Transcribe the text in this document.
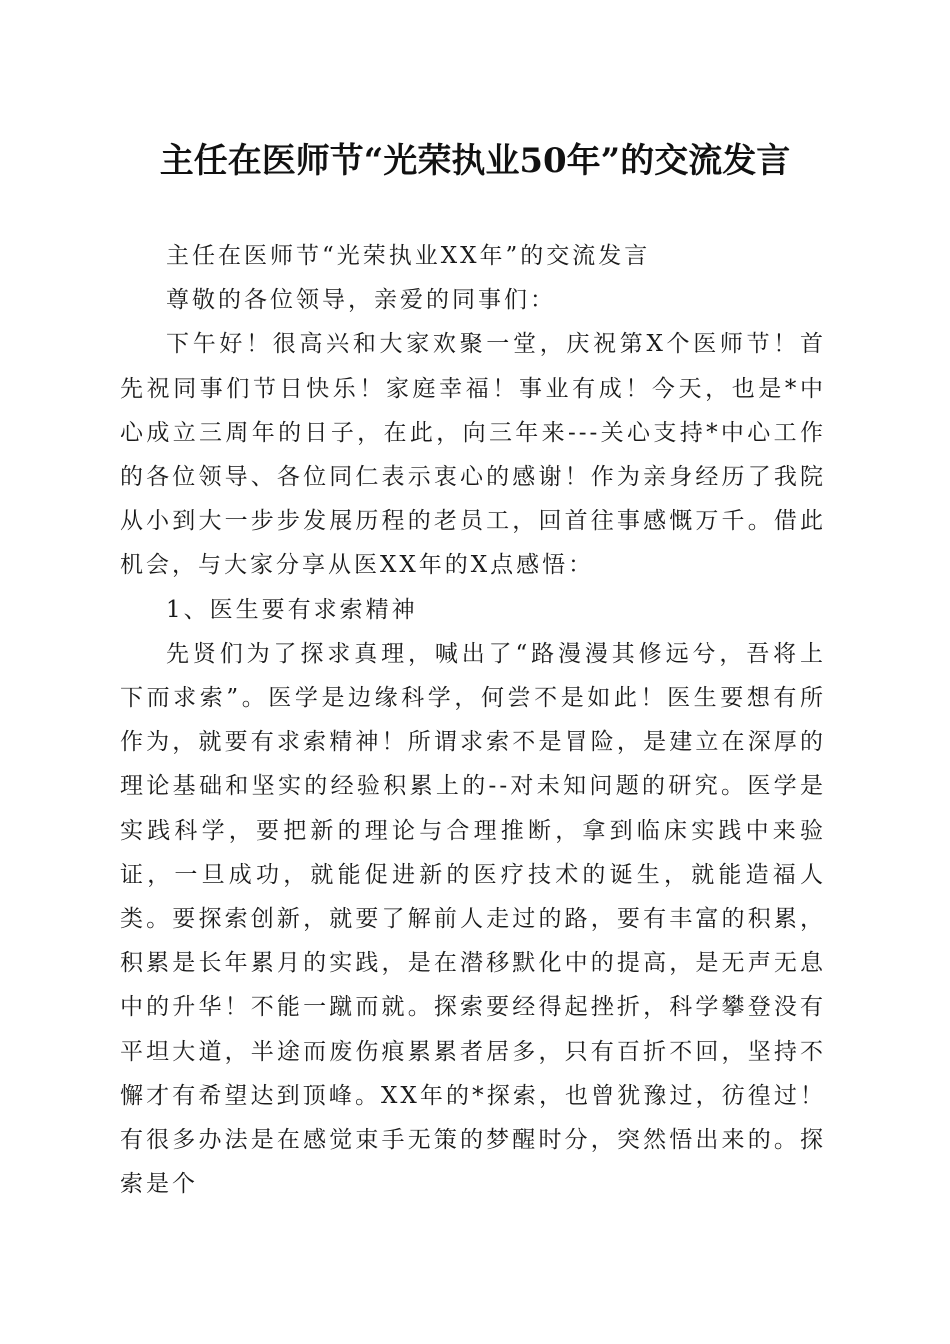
主任在医师节“光荣执业50年”的交流发言

主任在医师节“光荣执业XX年”的交流发言

尊敬的各位领导，亲爱的同事们：

下午好！很高兴和大家欢聚一堂，庆祝第X个医师节！首先祝同事们节日快乐！家庭幸福！事业有成！今天，也是*中心成立三周年的日子，在此，向三年来---关心支持*中心工作的各位领导、各位同仁表示衷心的感谢！作为亲身经历了我院从小到大一步步发展历程的老员工，回首往事感慨万千。借此机会，与大家分享从医XX年的X点感悟：

1、医生要有求索精神

先贤们为了探求真理，喊出了“路漫漫其修远兮，吾将上下而求索”。医学是边缘科学，何尝不是如此！医生要想有所作为，就要有求索精神！所谓求索不是冒险，是建立在深厚的理论基础和坚实的经验积累上的--对未知问题的研究。医学是实践科学，要把新的理论与合理推断，拿到临床实践中来验证，一旦成功，就能促进新的医疗技术的诞生，就能造福人类。要探索创新，就要了解前人走过的路，要有丰富的积累，积累是长年累月的实践，是在潜移默化中的提高，是无声无息中的升华！不能一蹴而就。探索要经得起挫折，科学攀登没有平坦大道，半途而废伤痕累累者居多，只有百折不回，坚持不懈才有希望达到顶峰。XX年的*探索，也曾犹豫过，彷徨过！有很多办法是在感觉束手无策的梦醒时分，突然悟出来的。探索是个
